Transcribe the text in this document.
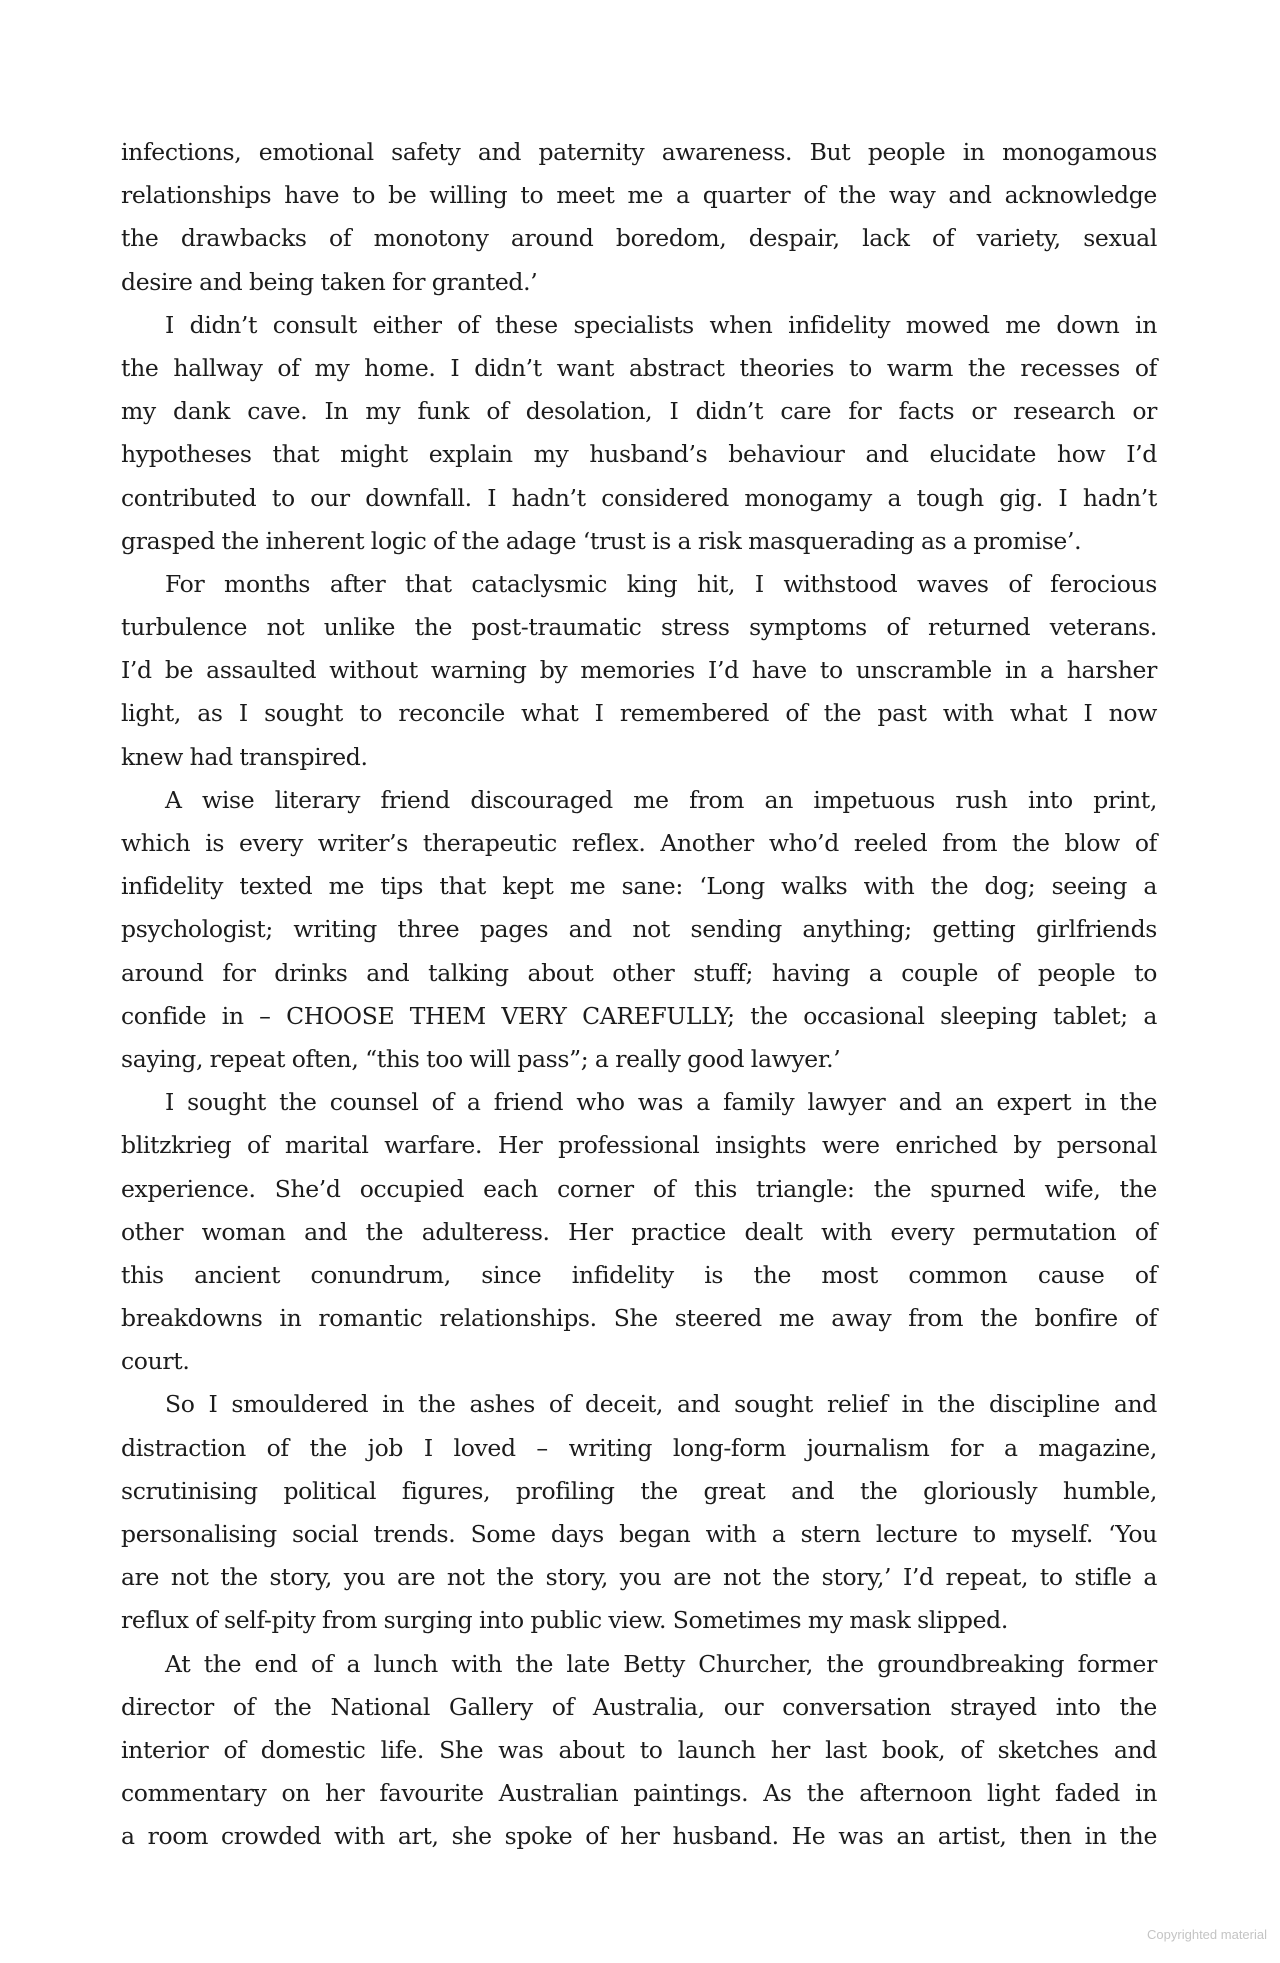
infections, emotional safety and paternity awareness. But people in monogamous
relationships have to be willing to meet me a quarter of the way and acknowledge
the drawbacks of monotony around boredom, despair, lack of variety, sexual
desire and being taken for granted.’
I didn’t consult either of these specialists when infidelity mowed me down in
the hallway of my home. I didn’t want abstract theories to warm the recesses of
my dank cave. In my funk of desolation, I didn’t care for facts or research or
hypotheses that might explain my husband’s behaviour and elucidate how I’d
contributed to our downfall. I hadn’t considered monogamy a tough gig. I hadn’t
grasped the inherent logic of the adage ‘trust is a risk masquerading as a promise’.
For months after that cataclysmic king hit, I withstood waves of ferocious
turbulence not unlike the post-traumatic stress symptoms of returned veterans.
I’d be assaulted without warning by memories I’d have to unscramble in a harsher
light, as I sought to reconcile what I remembered of the past with what I now
knew had transpired.
A wise literary friend discouraged me from an impetuous rush into print,
which is every writer’s therapeutic reflex. Another who’d reeled from the blow of
infidelity texted me tips that kept me sane: ‘Long walks with the dog; seeing a
psychologist; writing three pages and not sending anything; getting girlfriends
around for drinks and talking about other stuff; having a couple of people to
confide in – CHOOSE THEM VERY CAREFULLY; the occasional sleeping tablet; a
saying, repeat often, “this too will pass”; a really good lawyer.’
I sought the counsel of a friend who was a family lawyer and an expert in the
blitzkrieg of marital warfare. Her professional insights were enriched by personal
experience. She’d occupied each corner of this triangle: the spurned wife, the
other woman and the adulteress. Her practice dealt with every permutation of
this ancient conundrum, since infidelity is the most common cause of
breakdowns in romantic relationships. She steered me away from the bonfire of
court.
So I smouldered in the ashes of deceit, and sought relief in the discipline and
distraction of the job I loved – writing long-form journalism for a magazine,
scrutinising political figures, profiling the great and the gloriously humble,
personalising social trends. Some days began with a stern lecture to myself. ‘You
are not the story, you are not the story, you are not the story,’ I’d repeat, to stifle a
reflux of self-pity from surging into public view. Sometimes my mask slipped.
At the end of a lunch with the late Betty Churcher, the groundbreaking former
director of the National Gallery of Australia, our conversation strayed into the
interior of domestic life. She was about to launch her last book, of sketches and
commentary on her favourite Australian paintings. As the afternoon light faded in
a room crowded with art, she spoke of her husband. He was an artist, then in the
Copyrighted material
